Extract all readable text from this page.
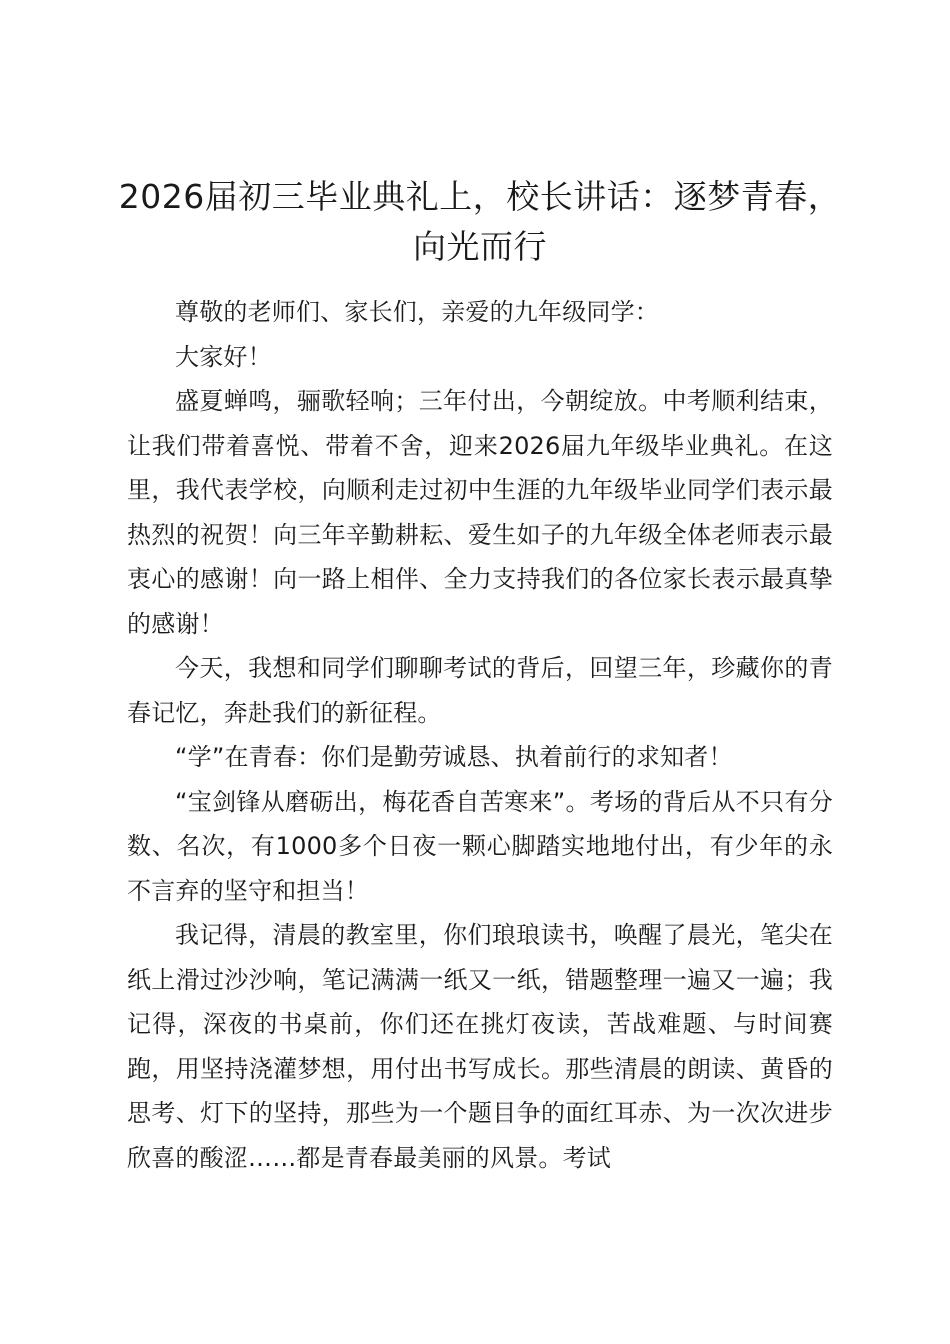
2026届初三毕业典礼上，校长讲话：逐梦青春，向光而行

尊敬的老师们、家长们，亲爱的九年级同学：

大家好！

盛夏蝉鸣，骊歌轻响；三年付出，今朝绽放。中考顺利结束，让我们带着喜悦、带着不舍，迎来2026届九年级毕业典礼。在这里，我代表学校，向顺利走过初中生涯的九年级毕业同学们表示最热烈的祝贺！向三年辛勤耕耘、爱生如子的九年级全体老师表示最衷心的感谢！向一路上相伴、全力支持我们的各位家长表示最真挚的感谢！

今天，我想和同学们聊聊考试的背后，回望三年，珍藏你的青春记忆，奔赴我们的新征程。

“学”在青春：你们是勤劳诚恳、执着前行的求知者！

“宝剑锋从磨砺出，梅花香自苦寒来”。考场的背后从不只有分数、名次，有1000多个日夜一颗心脚踏实地地付出，有少年的永不言弃的坚守和担当！

我记得，清晨的教室里，你们琅琅读书，唤醒了晨光，笔尖在纸上滑过沙沙响，笔记满满一纸又一纸，错题整理一遍又一遍；我记得，深夜的书桌前，你们还在挑灯夜读，苦战难题、与时间赛跑，用坚持浇灌梦想，用付出书写成长。那些清晨的朗读、黄昏的思考、灯下的坚持，那些为一个题目争的面红耳赤、为一次次进步欣喜的酸涩……都是青春最美丽的风景。考试
